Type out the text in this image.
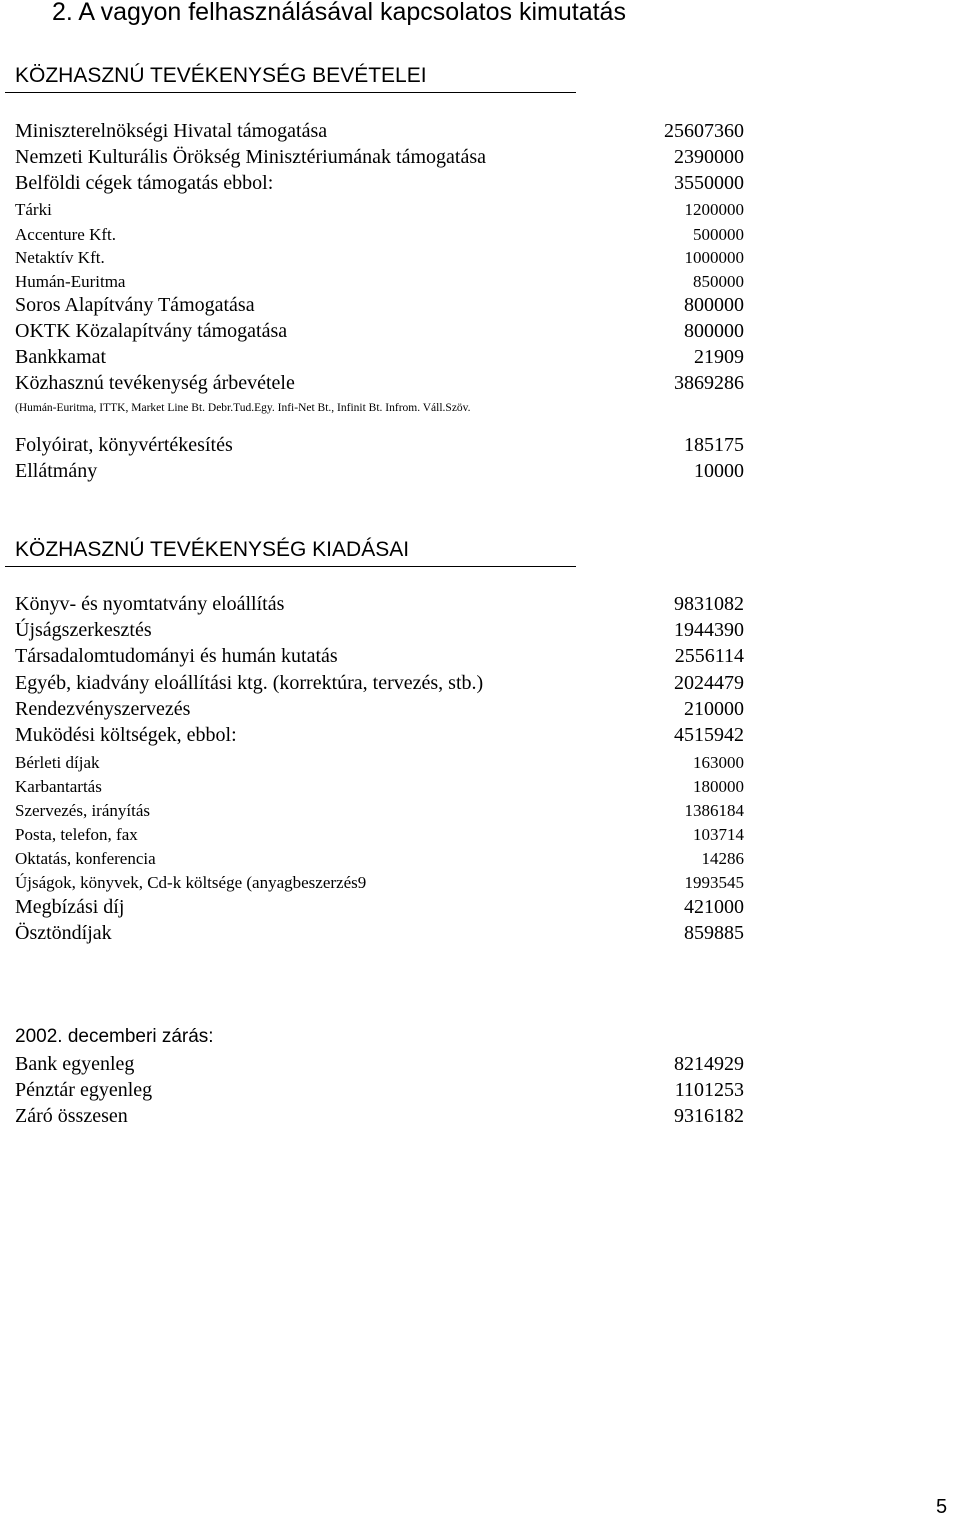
2. A vagyon felhasználásával kapcsolatos kimutatás
KÖZHASZNÚ TEVÉKENYSÉG BEVÉTELEI
Miniszterelnökségi Hivatal támogatása	25607360
Nemzeti Kulturális Örökség Minisztériumának támogatása	2390000
Belföldi cégek támogatás ebbol:	3550000
Tárki	1200000
Accenture Kft.	500000
Netaktív Kft.	1000000
Humán-Euritma	850000
Soros Alapítvány Támogatása	800000
OKTK Közalapítvány támogatása	800000
Bankkamat	21909
Közhasznú tevékenység árbevétele	3869286
(Humán-Euritma, ITTK, Market Line Bt. Debr.Tud.Egy. Infi-Net Bt., Infinit Bt. Infrom. Váll.Szöv.
Folyóirat, könyvértékesítés	185175
Ellátmány	10000
KÖZHASZNÚ TEVÉKENYSÉG KIADÁSAI
Könyv- és nyomtatvány eloállítás	9831082
Újságszerkesztés	1944390
Társadalomtudományi és humán kutatás	2556114
Egyéb, kiadvány eloállítási ktg. (korrektúra, tervezés, stb.)	2024479
Rendezvényszervezés	210000
Muködési költségek, ebbol:	4515942
Bérleti díjak	163000
Karbantartás	180000
Szervezés, irányítás	1386184
Posta, telefon, fax	103714
Oktatás, konferencia	14286
Újságok, könyvek, Cd-k költsége (anyagbeszerzés9	1993545
Megbízási díj	421000
Ösztöndíjak	859885
2002. decemberi zárás:
Bank egyenleg	8214929
Pénztár egyenleg	1101253
Záró összesen	9316182
5
